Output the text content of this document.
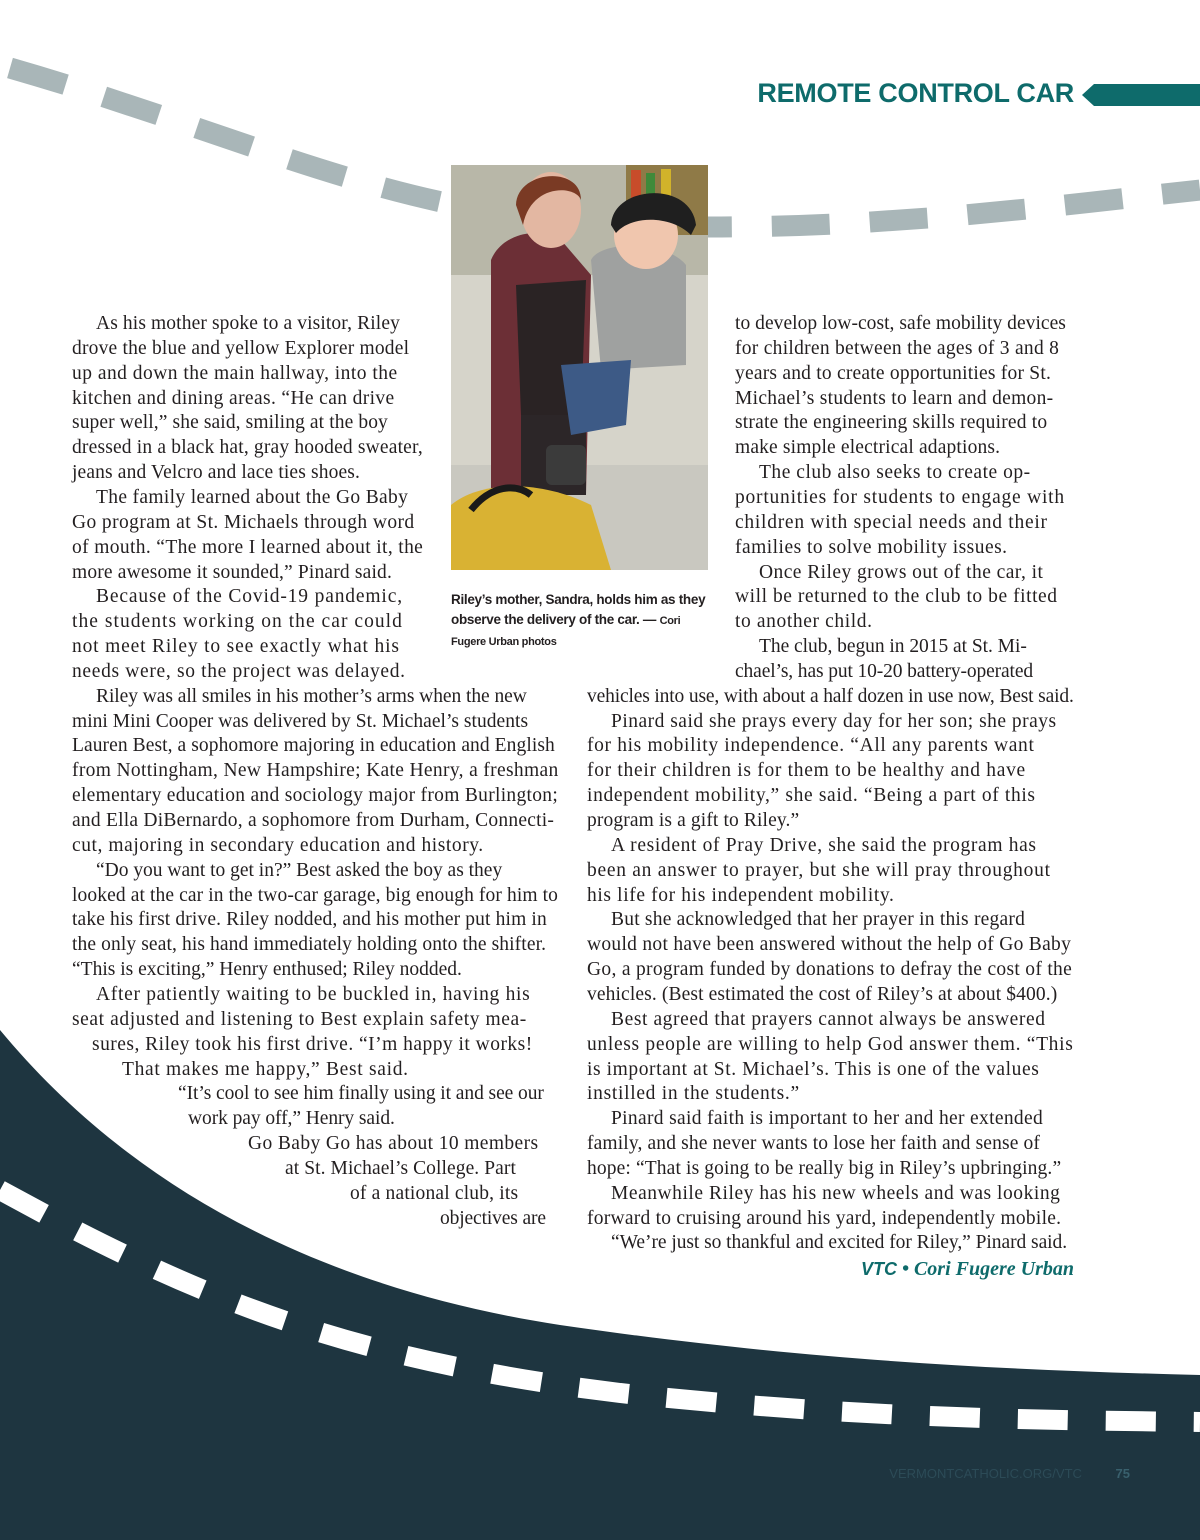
REMOTE CONTROL CAR
Riley’s mother, Sandra, holds him as they observe the delivery of the car. — Cori Fugere Urban photos
As his mother spoke to a visitor, Riley
drove the blue and yellow Explorer model
up and down the main hallway, into the
kitchen and dining areas. “He can drive
super well,” she said, smiling at the boy
dressed in a black hat, gray hooded sweater,
jeans and Velcro and lace ties shoes.
The family learned about the Go Baby
Go program at St. Michaels through word
of mouth. “The more I learned about it, the
more awesome it sounded,” Pinard said.
Because of the Covid-19 pandemic,
the students working on the car could
not meet Riley to see exactly what his
needs were, so the project was delayed.
Riley was all smiles in his mother’s arms when the new
mini Mini Cooper was delivered by St. Michael’s students
Lauren Best, a sophomore majoring in education and English
from Nottingham, New Hampshire; Kate Henry, a freshman
elementary education and sociology major from Burlington;
and Ella DiBernardo, a sophomore from Durham, Connecti-
cut, majoring in secondary education and history.
“Do you want to get in?” Best asked the boy as they
looked at the car in the two-car garage, big enough for him to
take his first drive. Riley nodded, and his mother put him in
the only seat, his hand immediately holding onto the shifter.
“This is exciting,” Henry enthused; Riley nodded.
After patiently waiting to be buckled in, having his
seat adjusted and listening to Best explain safety mea-
sures, Riley took his first drive. “I’m happy it works!
That makes me happy,” Best said.
“It’s cool to see him finally using it and see our
work pay off,” Henry said.
Go Baby Go has about 10 members
at St. Michael’s College. Part
of a national club, its
objectives are
to develop low-cost, safe mobility devices
for children between the ages of 3 and 8
years and to create opportunities for St.
Michael’s students to learn and demon-
strate the engineering skills required to
make simple electrical adaptions.
The club also seeks to create op-
portunities for students to engage with
children with special needs and their
families to solve mobility issues.
Once Riley grows out of the car, it
will be returned to the club to be fitted
to another child.
The club, begun in 2015 at St. Mi-
chael’s, has put 10-20 battery-operated
vehicles into use, with about a half dozen in use now, Best said.
Pinard said she prays every day for her son; she prays
for his mobility independence. “All any parents want
for their children is for them to be healthy and have
independent mobility,” she said. “Being a part of this
program is a gift to Riley.”
A resident of Pray Drive, she said the program has
been an answer to prayer, but she will pray throughout
his life for his independent mobility.
But she acknowledged that her prayer in this regard
would not have been answered without the help of Go Baby
Go, a program funded by donations to defray the cost of the
vehicles. (Best estimated the cost of Riley’s at about $400.)
Best agreed that prayers cannot always be answered
unless people are willing to help God answer them. “This
is important at St. Michael’s. This is one of the values
instilled in the students.”
Pinard said faith is important to her and her extended
family, and she never wants to lose her faith and sense of
hope: “That is going to be really big in Riley’s upbringing.”
Meanwhile Riley has his new wheels and was looking
forward to cruising around his yard, independently mobile.
“We’re just so thankful and excited for Riley,” Pinard said.
VTC • Cori Fugere Urban
VERMONTCATHOLIC.ORG/VTC	75
